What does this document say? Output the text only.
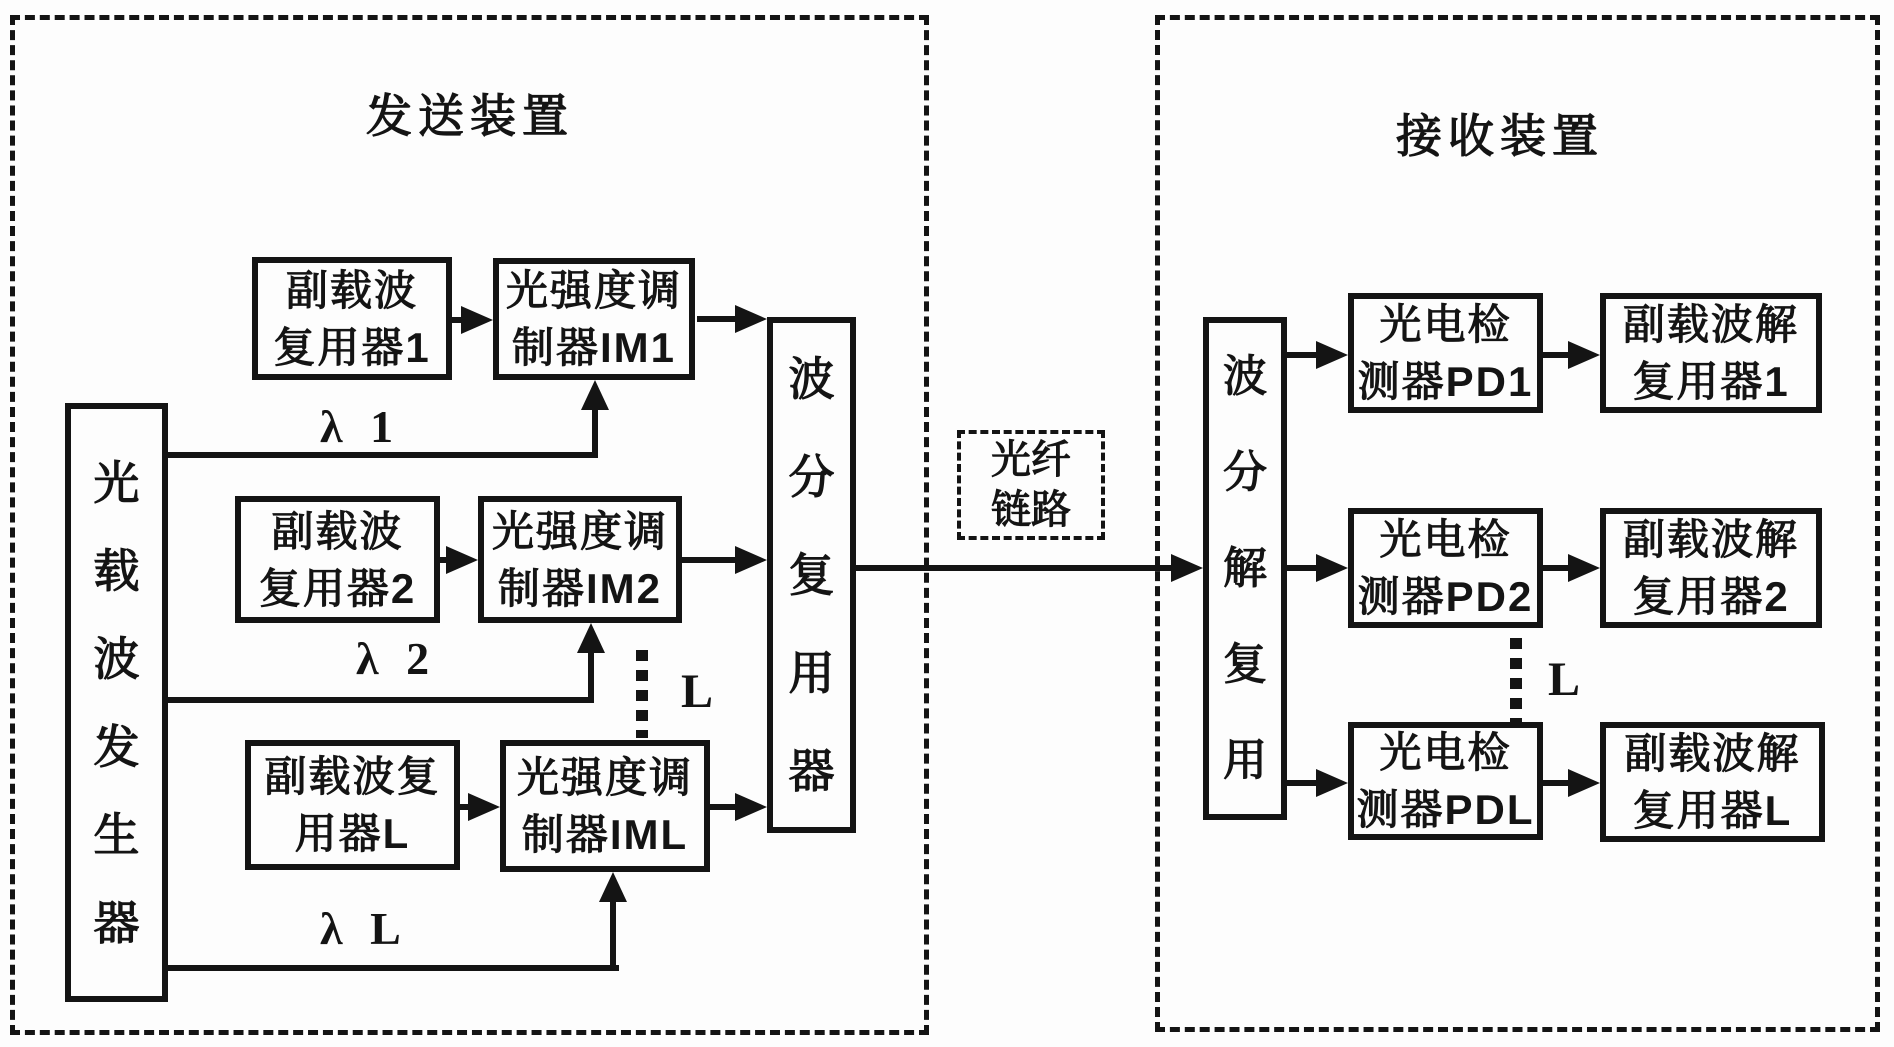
发送装置
光载波发生器
副载波
复用器1
光强度调
制器IM1
λ 1
副载波
复用器2
光强度调
制器IM2
λ 2
L
副载波复
用器L
光强度调
制器IML
λ L
波分复用器
光纤
链路
接收装置
波分解复用
光电检
测器PD1
副载波解
复用器1
光电检
测器PD2
副载波解
复用器2
L
光电检
测器PDL
副载波解
复用器L
